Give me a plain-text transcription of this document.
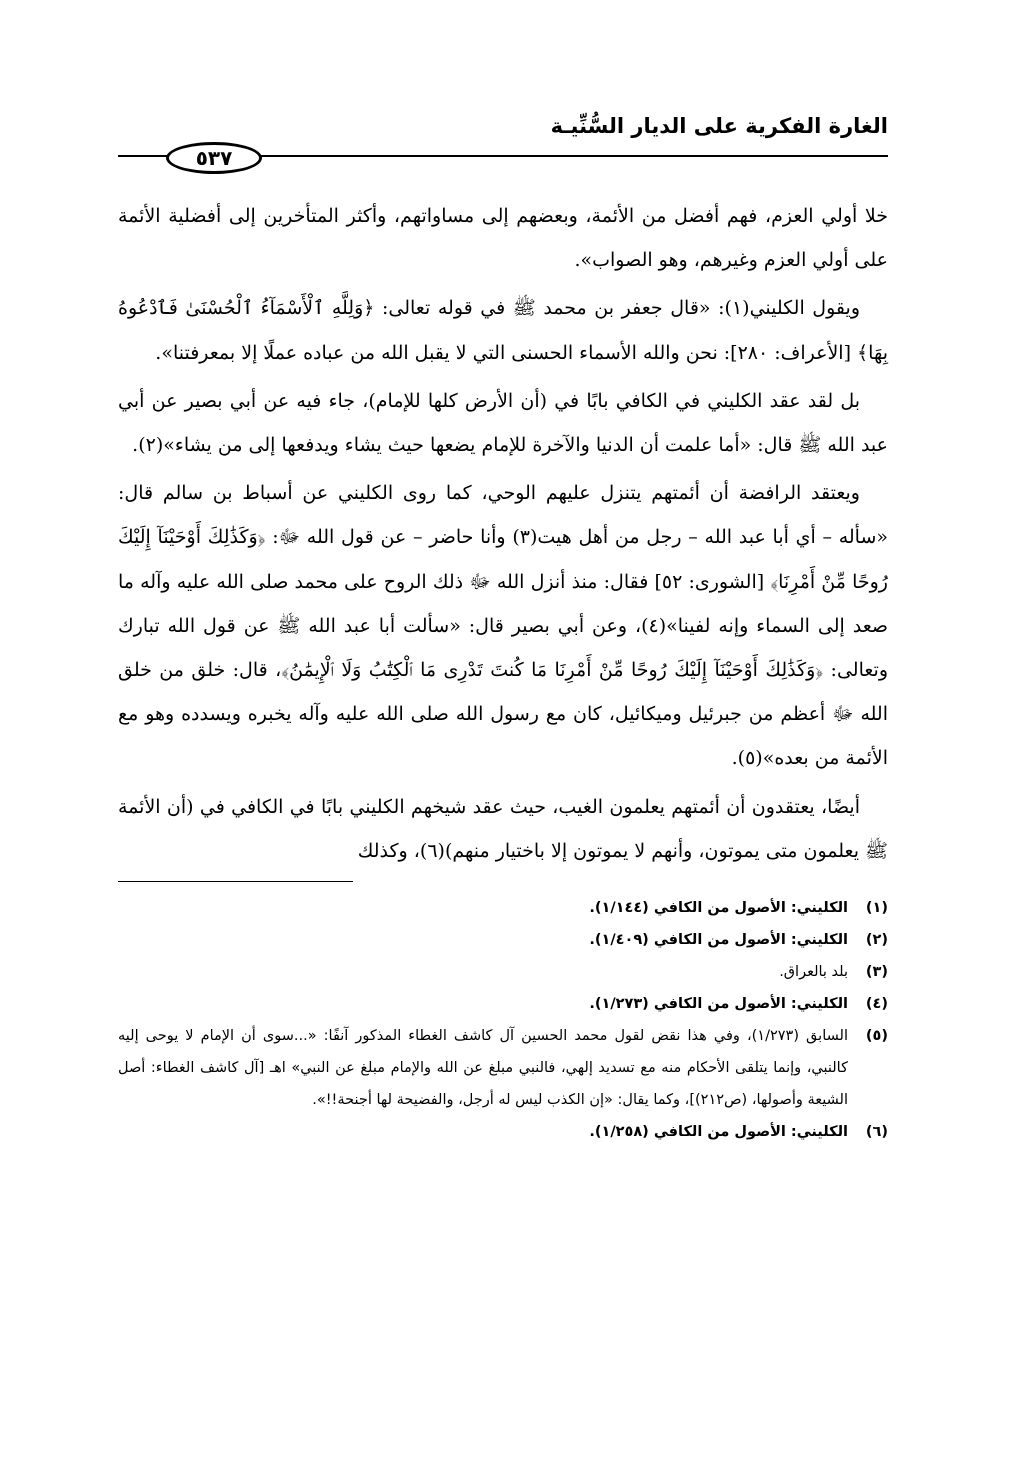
الغارة الفكرية على الديار السُّنِّيـة
٥٣٧

خلا أولي العزم، فهم أفضل من الأئمة، وبعضهم إلى مساواتهم، وأكثر المتأخرين إلى أفضلية الأئمة على أولي العزم وغيرهم، وهو الصواب».

ويقول الكليني(١): «قال جعفر بن محمد ﷺ في قوله تعالى: ﴿وَلِلَّهِ ٱلْأَسْمَآءُ ٱلْحُسْنَىٰ فَٱدْعُوهُ بِهَا﴾ [الأعراف: ٢٨٠]: نحن والله الأسماء الحسنى التي لا يقبل الله من عباده عملًا إلا بمعرفتنا».

بل لقد عقد الكليني في الكافي بابًا في (أن الأرض كلها للإمام)، جاء فيه عن أبي بصير عن أبي عبد الله ﷺ قال: «أما علمت أن الدنيا والآخرة للإمام يضعها حيث يشاء ويدفعها إلى من يشاء»(٢).

ويعتقد الرافضة أن أئمتهم يتنزل عليهم الوحي، كما روى الكليني عن أسباط بن سالم قال: «سأله – أي أبا عبد الله – رجل من أهل هيت(٣) وأنا حاضر – عن قول الله ﷻ: ﴿وَكَذَٰلِكَ أَوْحَيْنَآ إِلَيْكَ رُوحًا مِّنْ أَمْرِنَا﴾ [الشورى: ٥٢] فقال: منذ أنزل الله ﷻ ذلك الروح على محمد صلى الله عليه وآله ما صعد إلى السماء وإنه لفينا»(٤)، وعن أبي بصير قال: «سألت أبا عبد الله ﷺ عن قول الله تبارك وتعالى: ﴿وَكَذَٰلِكَ أَوْحَيْنَآ إِلَيْكَ رُوحًا مِّنْ أَمْرِنَا مَا كُنتَ تَدْرِى مَا ٱلْكِتَٰبُ وَلَا ٱلْإِيمَٰنُ﴾، قال: خلق من خلق الله ﷻ أعظم من جبرئيل وميكائيل، كان مع رسول الله صلى الله عليه وآله يخبره ويسدده وهو مع الأئمة من بعده»(٥).

أيضًا، يعتقدون أن أئمتهم يعلمون الغيب، حيث عقد شيخهم الكليني بابًا في الكافي في (أن الأئمة ﷺ يعلمون متى يموتون، وأنهم لا يموتون إلا باختيار منهم)(٦)، وكذلك

(١)
الكليني: الأصول من الكافي (١/١٤٤).
(٢)
الكليني: الأصول من الكافي (١/٤٠٩).
(٣)
بلد بالعراق.
(٤)
الكليني: الأصول من الكافي (١/٢٧٣).
(٥)
السابق (١/٢٧٣)، وفي هذا نقض لقول محمد الحسين آل كاشف الغطاء المذكور آنفًا: «...سوى أن الإمام لا يوحى إليه كالنبي، وإنما يتلقى الأحكام منه مع تسديد إلهي، فالنبي مبلغ عن الله والإمام مبلغ عن النبي» اهـ [آل كاشف الغطاء: أصل الشيعة وأصولها، (ص٢١٢)]، وكما يقال: «إن الكذب ليس له أرجل، والفضيحة لها أجنحة!!».
(٦)
الكليني: الأصول من الكافي (١/٢٥٨).
